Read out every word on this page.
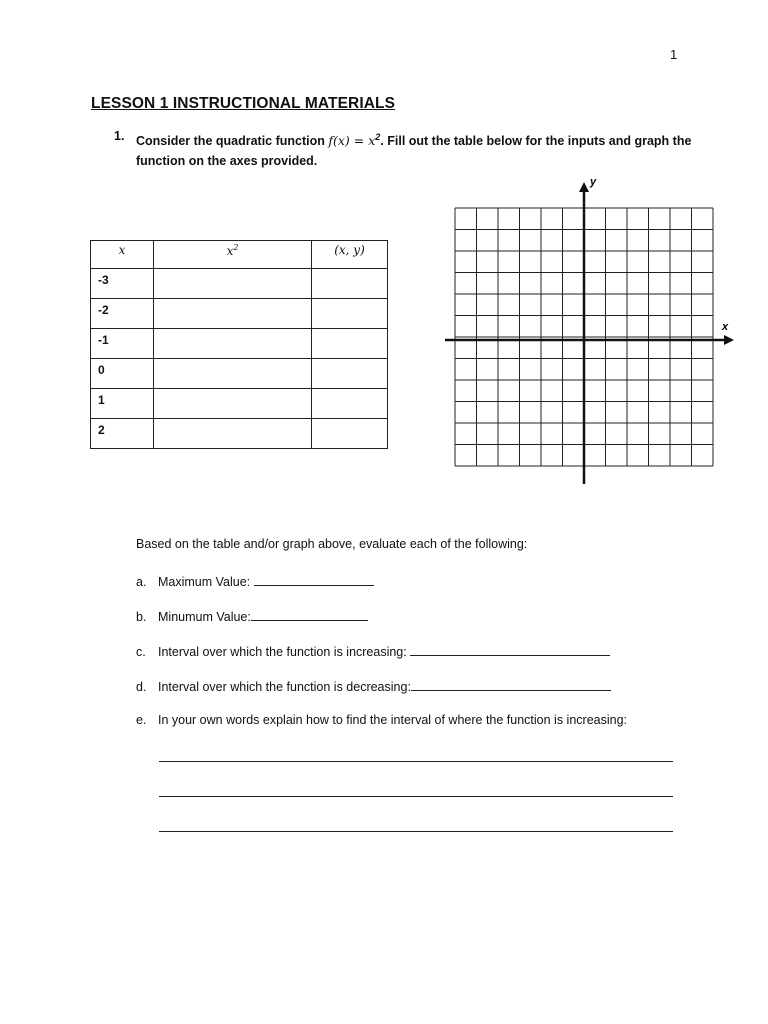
1
LESSON 1 INSTRUCTIONAL MATERIALS
1. Consider the quadratic function $f(x) = x^2$. Fill out the table below for the inputs and graph the function on the axes provided.
x	$x^2$	(x, y)
-3		
-2		
-1		
0		
1		
2		
x
y
Based on the table and/or graph above, evaluate each of the following:
a. Maximum Value:
b. Minumum Value:
c. Interval over which the function is increasing:
d. Interval over which the function is decreasing:
e. In your own words explain how to find the interval of where the function is increasing:
